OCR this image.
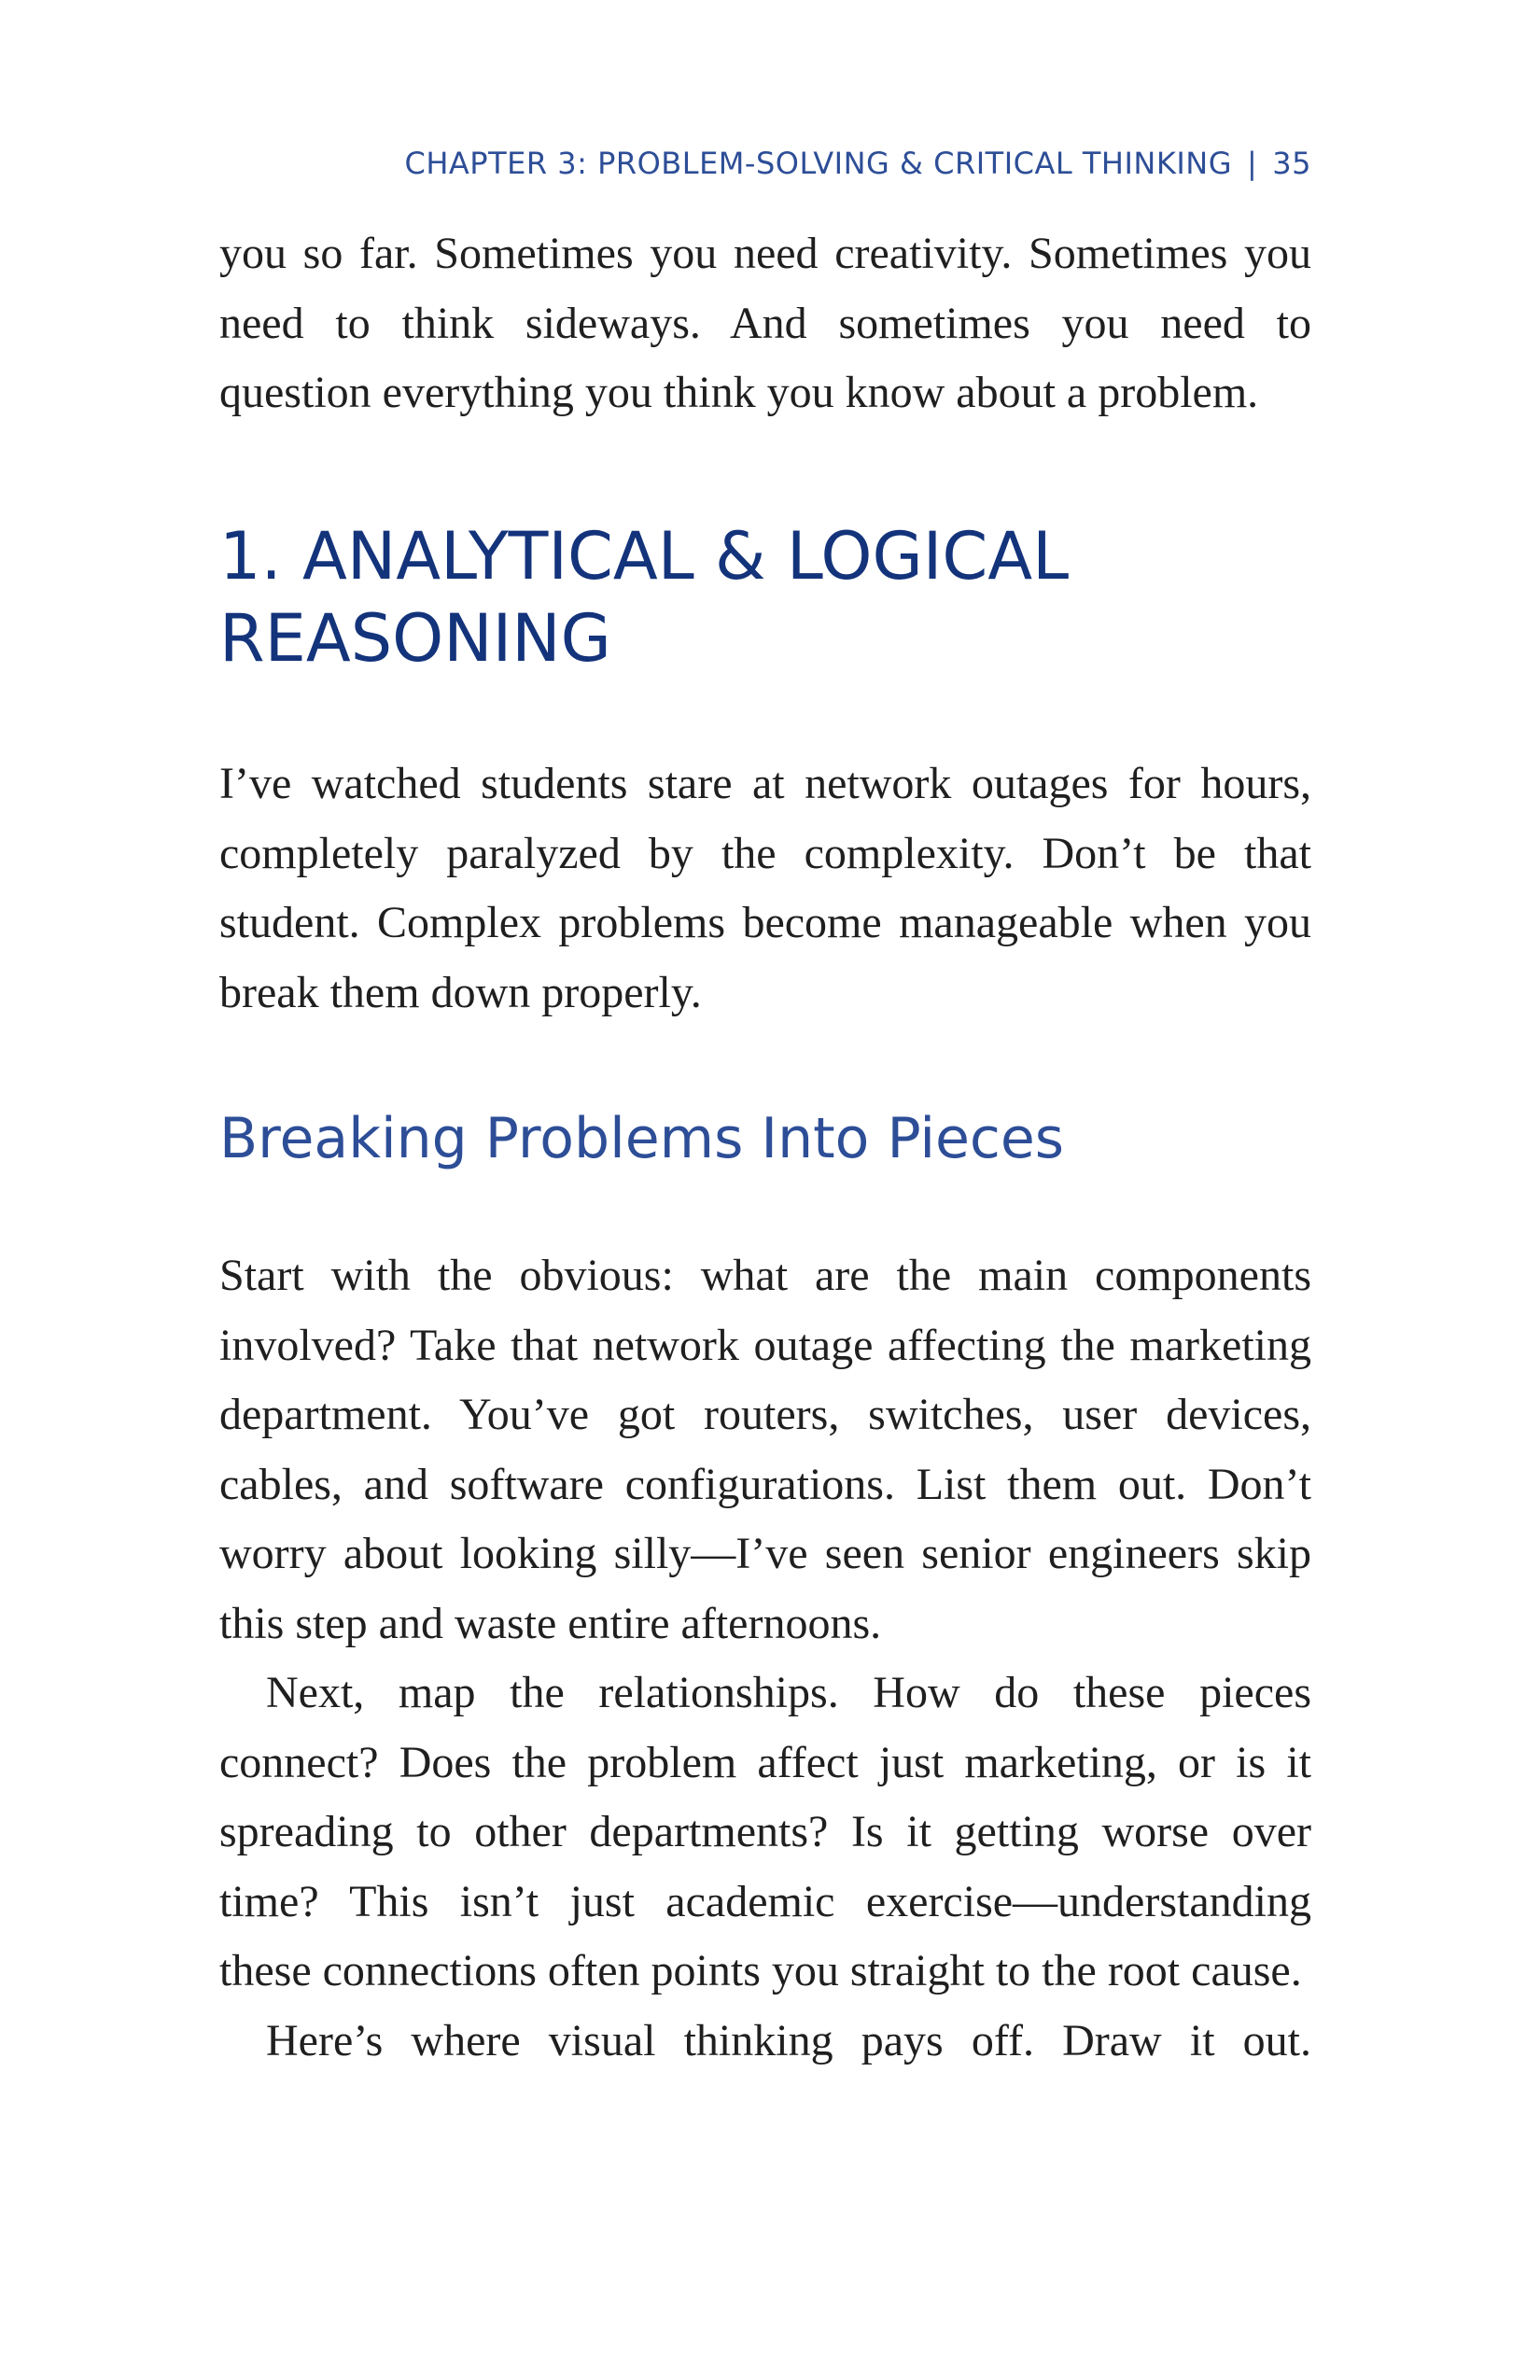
CHAPTER 3: PROBLEM-SOLVING & CRITICAL THINKING | 35

you so far. Sometimes you need creativity. Sometimes you need to think sideways. And sometimes you need to question everything you think you know about a problem.

1. ANALYTICAL & LOGICAL REASONING

I’ve watched students stare at network outages for hours, completely paralyzed by the complexity. Don’t be that student. Complex problems become manageable when you break them down properly.

Breaking Problems Into Pieces

Start with the obvious: what are the main components involved? Take that network outage affecting the marketing department. You’ve got routers, switches, user devices, cables, and software configurations. List them out. Don’t worry about looking silly—I’ve seen senior engineers skip this step and waste entire afternoons.

Next, map the relationships. How do these pieces connect? Does the problem affect just marketing, or is it spreading to other departments? Is it getting worse over time? This isn’t just academic exercise—understanding these connections often points you straight to the root cause.

Here’s where visual thinking pays off. Draw it out.
